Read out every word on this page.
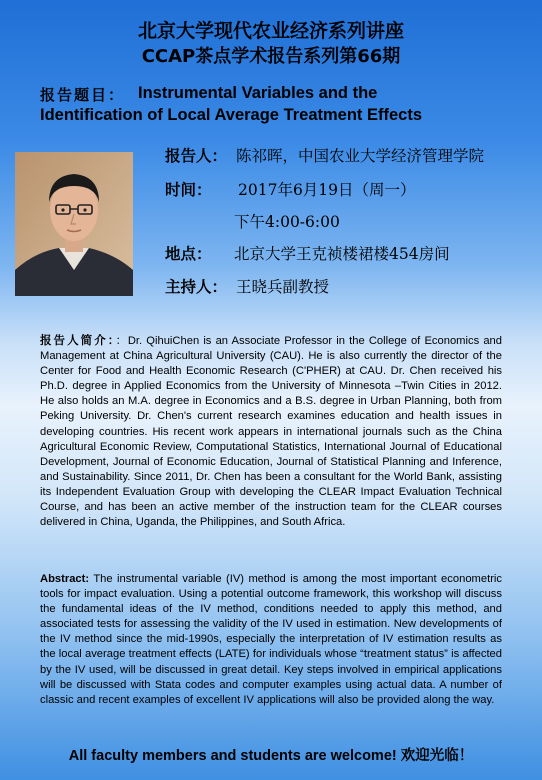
北京大学现代农业经济系列讲座
CCAP茶点学术报告系列第66期
报告题目： Instrumental Variables and the
Identification of Local Average Treatment Effects
报告人： 陈祁晖，中国农业大学经济管理学院
时间： 2017年6月19日（周一）
下午4:00-6:00
地点： 北京大学王克祯楼裙楼454房间
主持人： 王晓兵副教授
报告人简介：：Dr. QihuiChen is an Associate Professor in the College of Economics and Management at China Agricultural University (CAU). He is also currently the director of the Center for Food and Health Economic Research (C'PHER) at CAU. Dr. Chen received his Ph.D. degree in Applied Economics from the University of Minnesota –Twin Cities in 2012. He also holds an M.A. degree in Economics and a B.S. degree in Urban Planning, both from Peking University. Dr. Chen's current research examines education and health issues in developing countries. His recent work appears in international journals such as the China Agricultural Economic Review, Computational Statistics, International Journal of Educational Development, Journal of Economic Education, Journal of Statistical Planning and Inference, and Sustainability. Since 2011, Dr. Chen has been a consultant for the World Bank, assisting its Independent Evaluation Group with developing the CLEAR Impact Evaluation Technical Course, and has been an active member of the instruction team for the CLEAR courses delivered in China, Uganda, the Philippines, and South Africa.
Abstract: The instrumental variable (IV) method is among the most important econometric tools for impact evaluation. Using a potential outcome framework, this workshop will discuss the fundamental ideas of the IV method, conditions needed to apply this method, and associated tests for assessing the validity of the IV used in estimation. New developments of the IV method since the mid-1990s, especially the interpretation of IV estimation results as the local average treatment effects (LATE) for individuals whose “treatment status” is affected by the IV used, will be discussed in great detail. Key steps involved in empirical applications will be discussed with Stata codes and computer examples using actual data. A number of classic and recent examples of excellent IV applications will also be provided along the way.
All faculty members and students are welcome! 欢迎光临！
